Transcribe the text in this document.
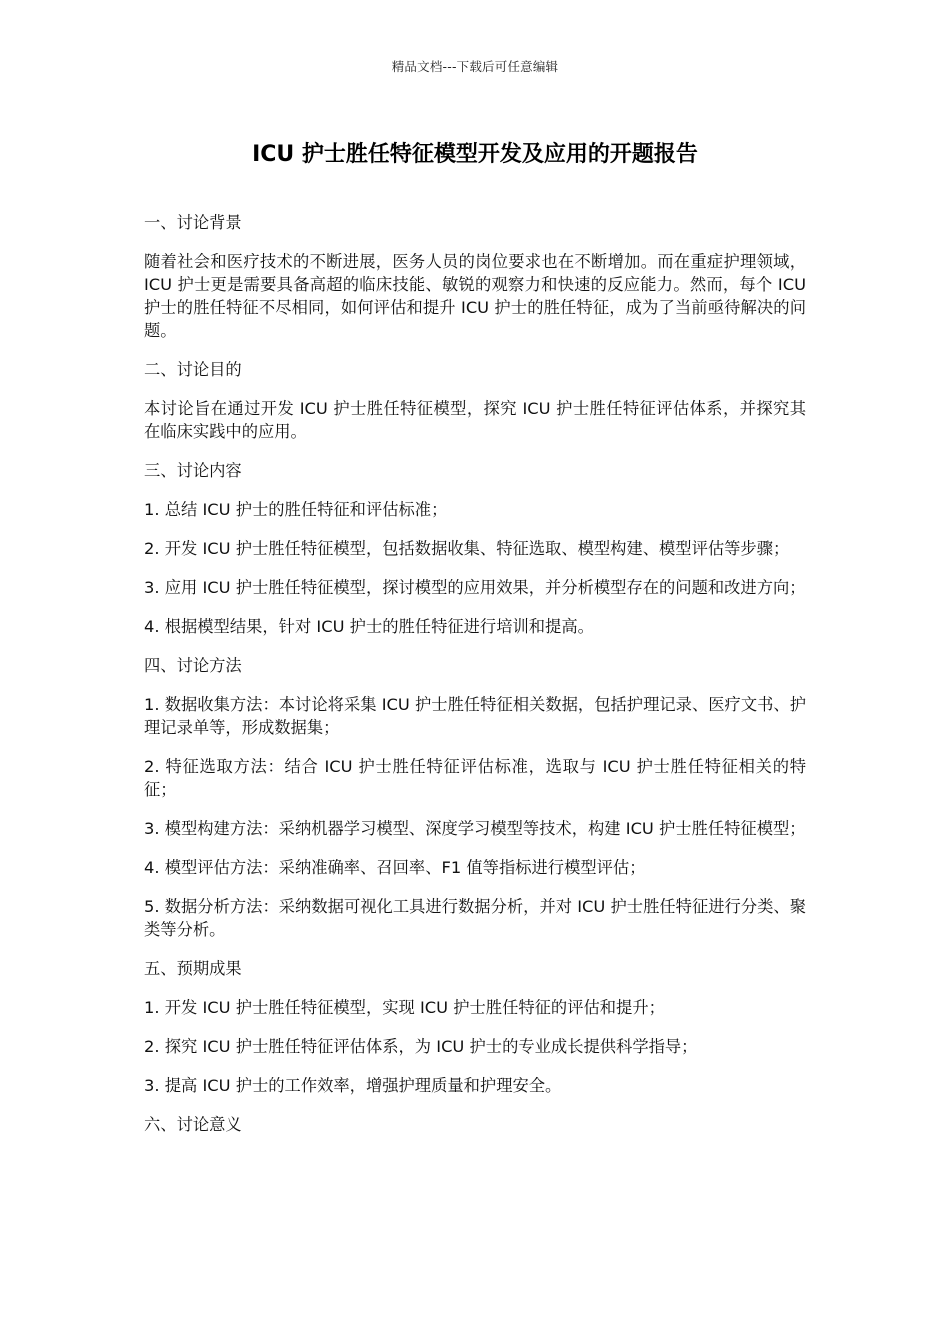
精品文档---下载后可任意编辑
ICU 护士胜任特征模型开发及应用的开题报告
一、讨论背景
随着社会和医疗技术的不断进展，医务人员的岗位要求也在不断增加。而在重症护理领域，ICU 护士更是需要具备高超的临床技能、敏锐的观察力和快速的反应能力。然而，每个 ICU 护士的胜任特征不尽相同，如何评估和提升 ICU 护士的胜任特征，成为了当前亟待解决的问题。
二、讨论目的
本讨论旨在通过开发 ICU 护士胜任特征模型，探究 ICU 护士胜任特征评估体系，并探究其在临床实践中的应用。
三、讨论内容
1. 总结 ICU 护士的胜任特征和评估标准；
2. 开发 ICU 护士胜任特征模型，包括数据收集、特征选取、模型构建、模型评估等步骤；
3. 应用 ICU 护士胜任特征模型，探讨模型的应用效果，并分析模型存在的问题和改进方向；
4. 根据模型结果，针对 ICU 护士的胜任特征进行培训和提高。
四、讨论方法
1. 数据收集方法：本讨论将采集 ICU 护士胜任特征相关数据，包括护理记录、医疗文书、护理记录单等，形成数据集；
2. 特征选取方法：结合 ICU 护士胜任特征评估标准，选取与 ICU 护士胜任特征相关的特征；
3. 模型构建方法：采纳机器学习模型、深度学习模型等技术，构建 ICU 护士胜任特征模型；
4. 模型评估方法：采纳准确率、召回率、F1 值等指标进行模型评估；
5. 数据分析方法：采纳数据可视化工具进行数据分析，并对 ICU 护士胜任特征进行分类、聚类等分析。
五、预期成果
1. 开发 ICU 护士胜任特征模型，实现 ICU 护士胜任特征的评估和提升；
2. 探究 ICU 护士胜任特征评估体系，为 ICU 护士的专业成长提供科学指导；
3. 提高 ICU 护士的工作效率，增强护理质量和护理安全。
六、讨论意义
